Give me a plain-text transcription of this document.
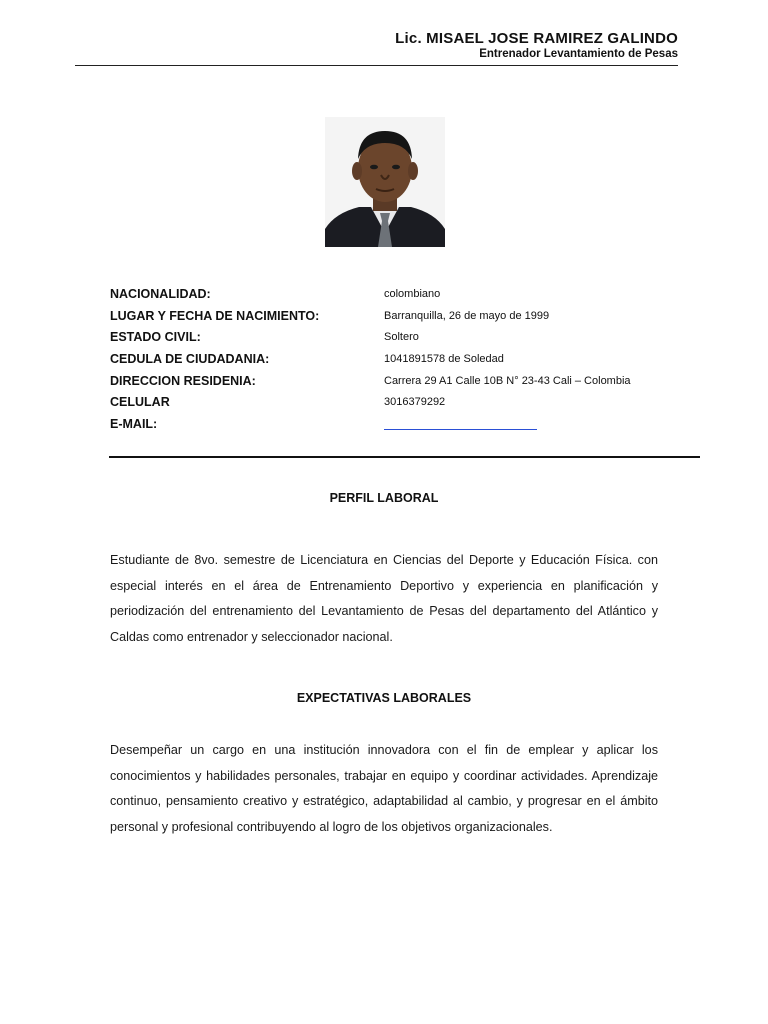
Lic. MISAEL JOSE RAMIREZ GALINDO
Entrenador Levantamiento de Pesas
NACIONALIDAD:	colombiano
LUGAR Y FECHA DE NACIMIENTO:	Barranquilla, 26 de mayo de 1999
ESTADO CIVIL:	Soltero
CEDULA DE CIUDADANIA:	1041891578 de Soledad
DIRECCION RESIDENIA:	Carrera 29 A1 Calle 10B N° 23-43 Cali – Colombia
CELULAR	3016379292
E-MAIL:
PERFIL LABORAL
Estudiante de 8vo. semestre de Licenciatura en Ciencias del Deporte y Educación Física. con especial interés en el área de Entrenamiento Deportivo y experiencia en planificación y periodización del entrenamiento del Levantamiento de Pesas del departamento del Atlántico y Caldas como entrenador y seleccionador nacional.
EXPECTATIVAS LABORALES
Desempeñar un cargo en una institución innovadora con el fin de emplear y aplicar los conocimientos y habilidades personales, trabajar en equipo y coordinar actividades. Aprendizaje continuo, pensamiento creativo y estratégico, adaptabilidad al cambio, y progresar en el ámbito personal y profesional contribuyendo al logro de los objetivos organizacionales.
